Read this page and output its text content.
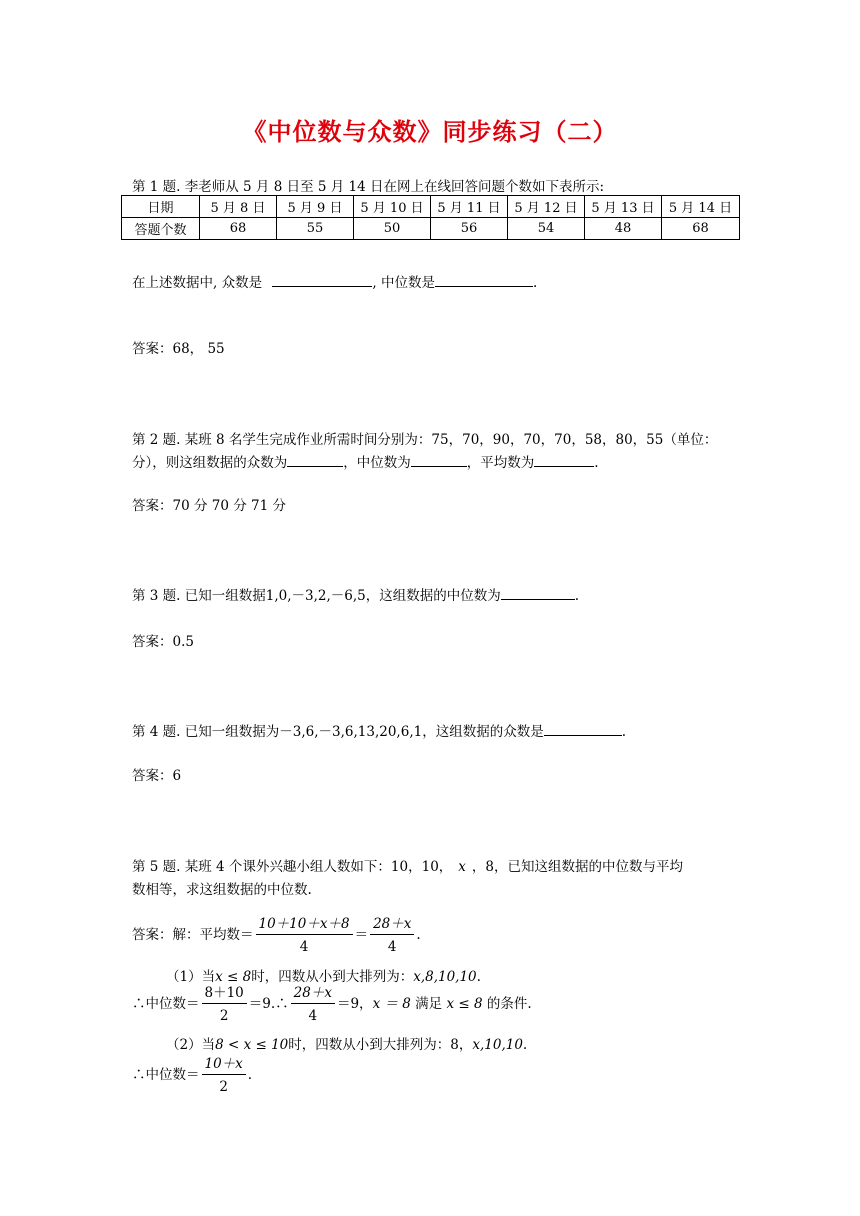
《中位数与众数》同步练习（二）
第 1 题. 李老师从 5 月 8 日至 5 月 14 日在网上在线回答问题个数如下表所示:
日期	5 月 8 日	5 月 9 日	5 月 10 日	5 月 11 日	5 月 12 日	5 月 13 日	5 月 14 日
答题个数	68	55	50	56	54	48	68
在上述数据中, 众数是	, 中位数是	.
答案：68， 55
第 2 题. 某班 8 名学生完成作业所需时间分别为：75，70，90，70，70，58，80，55（单位：
分），则这组数据的众数为	，中位数为	，平均数为	.
答案：70 分 70 分 71 分
第 3 题. 已知一组数据1,0,－3,2,－6,5，这组数据的中位数为	.
答案：0.5
第 4 题. 已知一组数据为－3,6,－3,6,13,20,6,1，这组数据的众数是	.
答案：6
第 5 题. 某班 4 个课外兴趣小组人数如下：10，10， x ，8，已知这组数据的中位数与平均
数相等，求这组数据的中位数.
答案：解：平均数＝ $\frac{10+10+x+8}{4} = \frac{28+x}{4}$ .
（1）当x ≤ 8时，四数从小到大排列为：x,8,10,10.
∴中位数＝ $\frac{8+10}{2}$ ＝9.∴ $\frac{28+x}{4} =9$，x ＝ 8 满足 x ≤ 8 的条件.
（2）当8 < x ≤ 10时，四数从小到大排列为：8，x,10,10.
∴中位数＝ $\frac{10+x}{2}$ .
